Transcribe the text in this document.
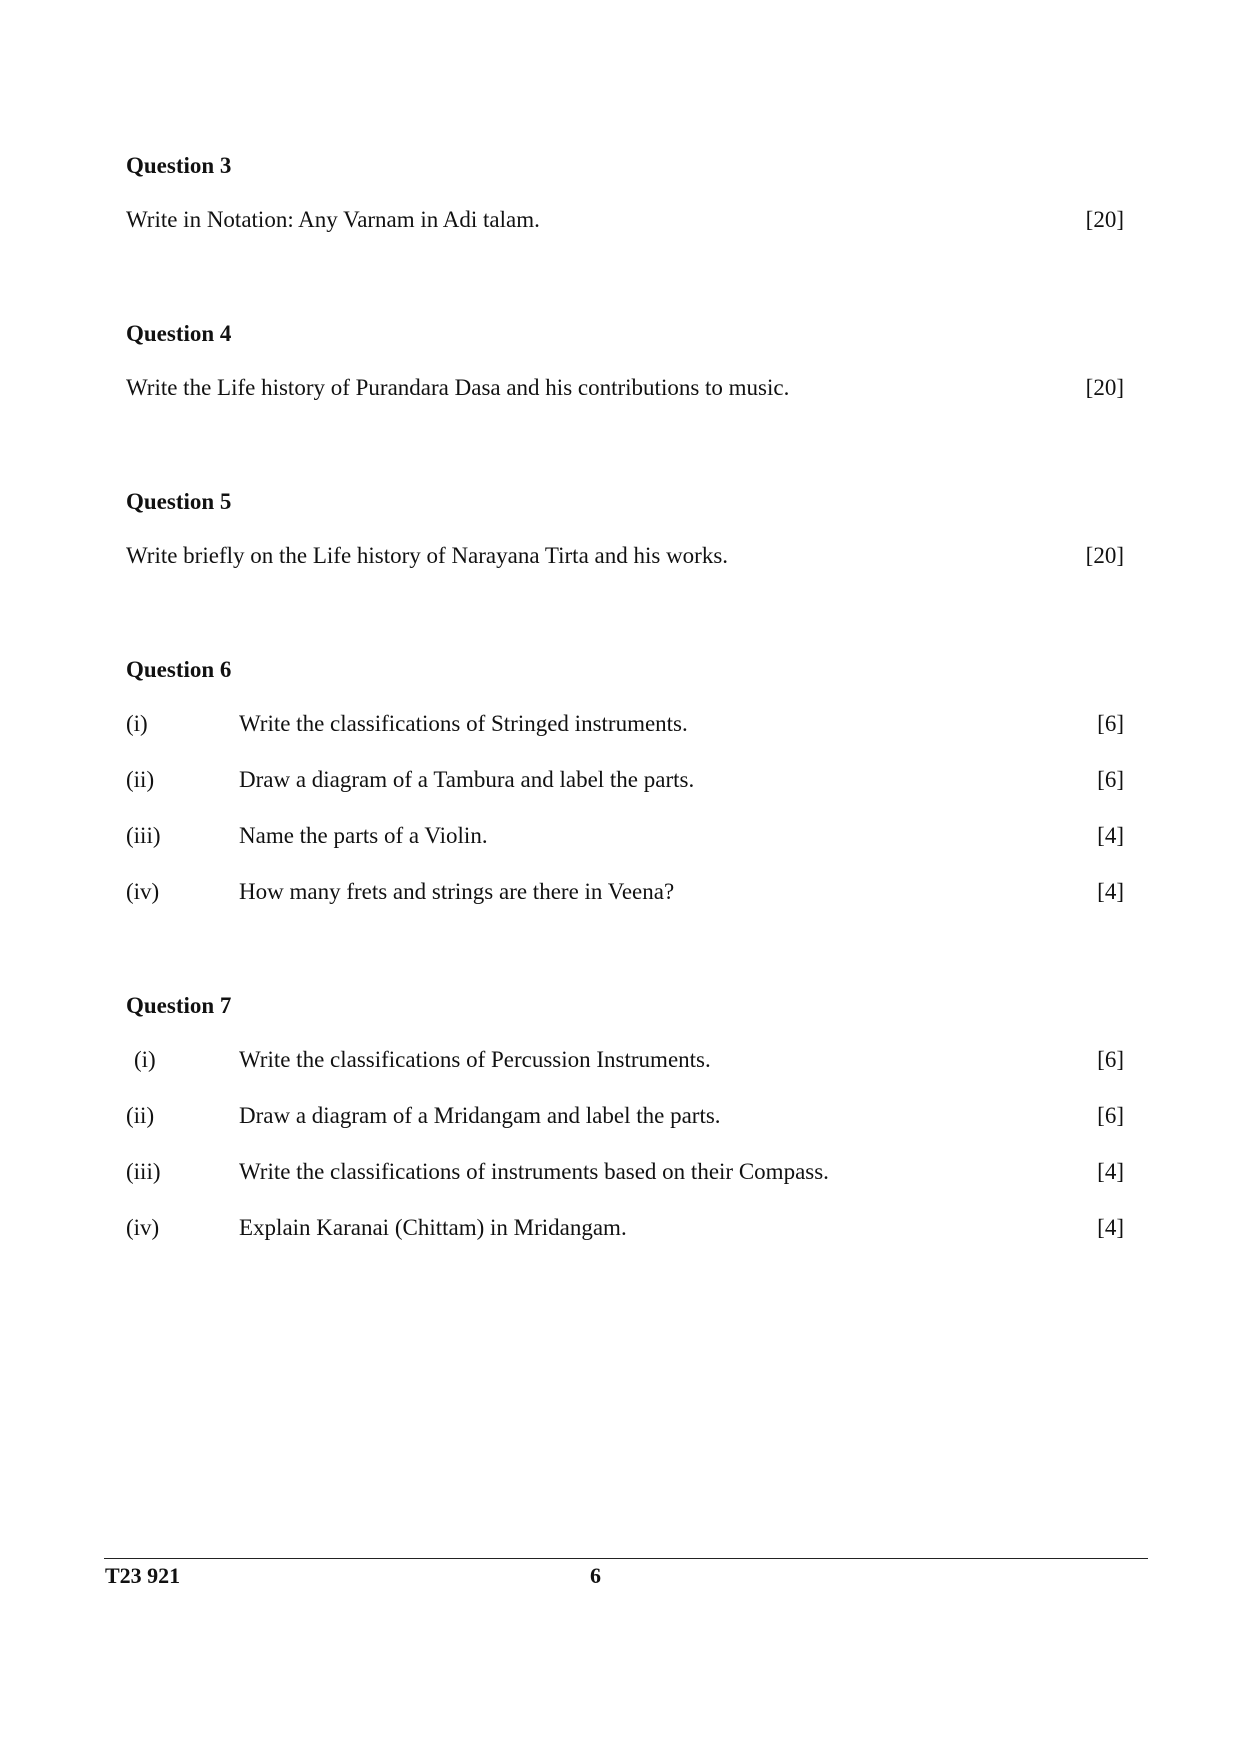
Question 3
Write in Notation: Any Varnam in Adi talam.	[20]
Question 4
Write the Life history of Purandara Dasa and his contributions to music.	[20]
Question 5
Write briefly on the Life history of Narayana Tirta and his works.	[20]
Question 6
(i)	Write the classifications of Stringed instruments.	[6]
(ii)	Draw a diagram of a Tambura and label the parts.	[6]
(iii)	Name the parts of a Violin.	[4]
(iv)	How many frets and strings are there in Veena?	[4]
Question 7
(i)	Write the classifications of Percussion Instruments.	[6]
(ii)	Draw a diagram of a Mridangam and label the parts.	[6]
(iii)	Write the classifications of instruments based on their Compass.	[4]
(iv)	Explain Karanai (Chittam) in Mridangam.	[4]
T23 921	6
